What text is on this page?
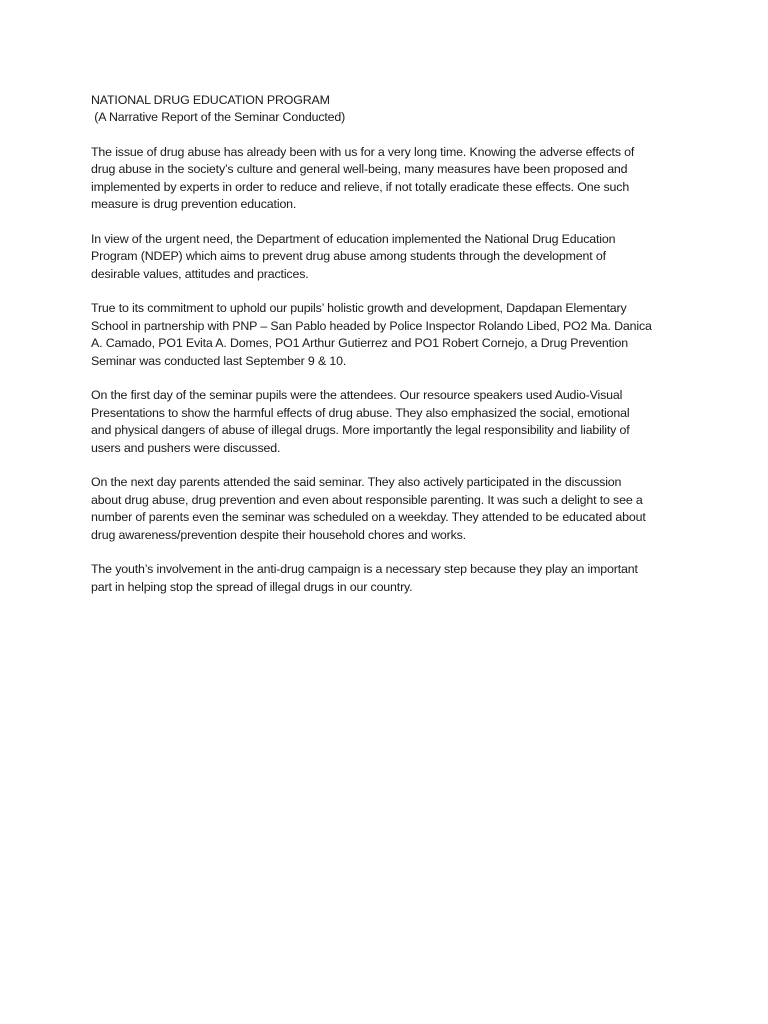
NATIONAL DRUG EDUCATION PROGRAM
(A Narrative Report of the Seminar Conducted)
The issue of drug abuse has already been with us for a very long time. Knowing the adverse effects of
drug abuse in the society’s culture and general well-being, many measures have been proposed and
implemented by experts in order to reduce and relieve, if not totally eradicate these effects. One such
measure is drug prevention education.
In view of the urgent need, the Department of education implemented the National Drug Education
Program (NDEP) which aims to prevent drug abuse among students through the development of
desirable values, attitudes and practices.
True to its commitment to uphold our pupils’ holistic growth and development, Dapdapan Elementary
School in partnership with PNP – San Pablo headed by Police Inspector Rolando Libed, PO2 Ma. Danica
A. Camado, PO1 Evita A. Domes, PO1 Arthur Gutierrez and PO1 Robert Cornejo, a Drug Prevention
Seminar was conducted last September 9 & 10.
On the first day of the seminar pupils were the attendees. Our resource speakers used Audio-Visual
Presentations to show the harmful effects of drug abuse. They also emphasized the social, emotional
and physical dangers of abuse of illegal drugs. More importantly the legal responsibility and liability of
users and pushers were discussed.
On the next day parents attended the said seminar. They also actively participated in the discussion
about drug abuse, drug prevention and even about responsible parenting. It was such a delight to see a
number of parents even the seminar was scheduled on a weekday. They attended to be educated about
drug awareness/prevention despite their household chores and works.
The youth’s involvement in the anti-drug campaign is a necessary step because they play an important
part in helping stop the spread of illegal drugs in our country.
